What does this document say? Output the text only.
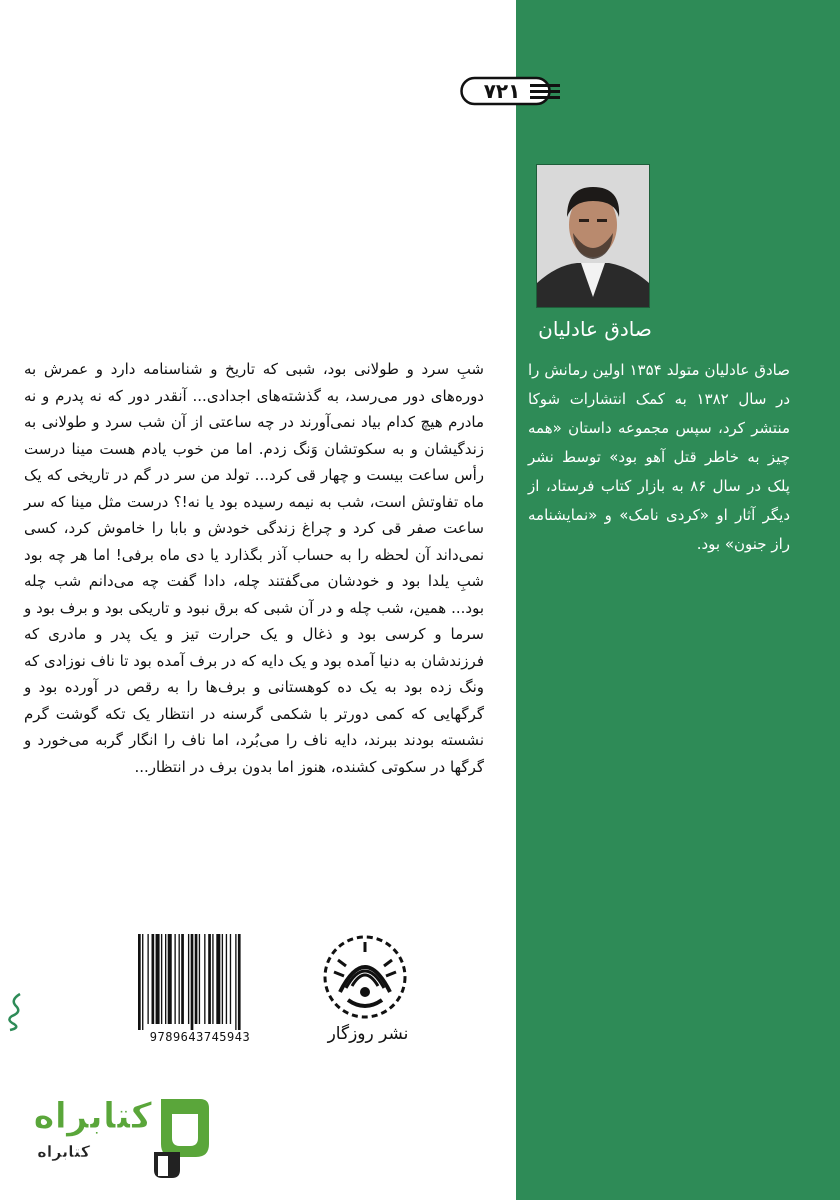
۷۲۱
صادق عادلیان
صادق عادلیان متولد ۱۳۵۴ اولین رمانش را در سال ۱۳۸۲ به کمک انتشارات شوکا منتشر کرد، سپس مجموعه داستان «همه چیز به خاطر قتل آهو بود» توسط نشر پلک در سال ۸۶ به بازار کتاب فرستاد، از دیگر آثار او «کردی نامک» و «نمایشنامه راز جنون» بود.
شبِ سرد و طولانی بود، شبی که تاریخ و شناسنامه دارد و عمرش به دوره‌های دور می‌رسد، به گذشته‌های اجدادی... آنقدر دور که نه پدرم و نه مادرم هیچ کدام بیاد نمی‌آورند در چه ساعتی از آن شب سرد و طولانی به زندگیشان و به سکوتشان وَنگ زدم. اما من خوب یادم هست مینا درست رأس ساعت بیست و چهار قی کرد... تولد من سر در گم در تاریخی که یک ماه تفاوتش است، شب به نیمه رسیده بود یا نه!؟ درست مثل مینا که سر ساعت صفر قی کرد و چراغ زندگی خودش و بابا را خاموش کرد، کسی نمی‌داند آن لحظه را به حساب آذر بگذارد یا دی ماه برفی! اما هر چه بود شبِ یلدا بود و خودشان می‌گفتند چله، دادا گفت چه می‌دانم شب چله بود... همین، شب چله و در آن شبی که برق نبود و تاریکی بود و برف بود و سرما و کرسی بود و ذغال و یک حرارت تیز و یک پدر و مادری که فرزندشان به دنیا آمده بود و یک دایه که در برف آمده بود تا ناف نوزادی که ونگ زده بود به یک ده کوهستانی و برف‌ها را به رقص در آورده بود و گرگهایی که کمی دورتر با شکمی گرسنه در انتظار یک تکه گوشت گرم نشسته بودند ببرند، دایه ناف را می‌بُرد، اما ناف را انگار گربه می‌خورد و گرگها در سکوتی کشنده، هنوز اما بدون برف در انتظار...
9789643745943	نشر روزگار
کتابراه
کتابراه
